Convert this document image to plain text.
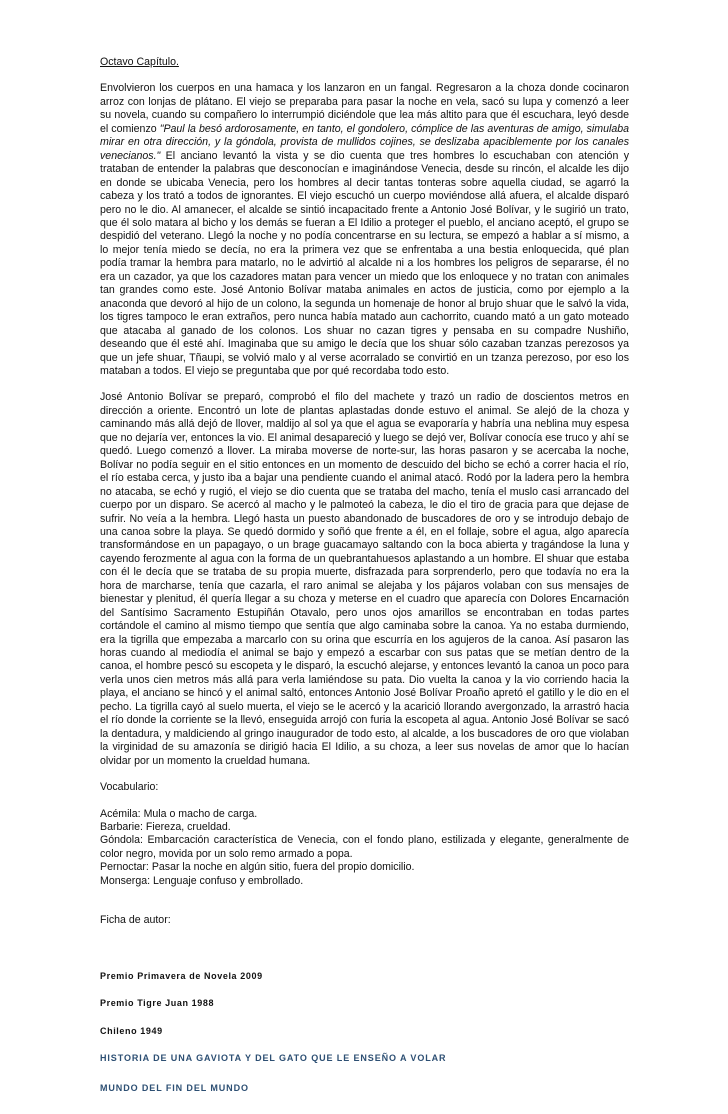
Octavo Capítulo.

Envolvieron los cuerpos en una hamaca y los lanzaron en un fangal. Regresaron a la choza donde cocinaron arroz con lonjas de plátano. El viejo se preparaba para pasar la noche en vela, sacó su lupa y comenzó a leer su novela, cuando su compañero lo interrumpió diciéndole que lea más altito para que él escuchara, leyó desde el comienzo "Paul la besó ardorosamente, en tanto, el gondolero, cómplice de las aventuras de amigo, simulaba mirar en otra dirección, y la góndola, provista de mullidos cojines, se deslizaba apaciblemente por los canales venecianos." El anciano levantó la vista y se dio cuenta que tres hombres lo escuchaban con atención y trataban de entender la palabras que desconocían e imaginándose Venecia, desde su rincón, el alcalde les dijo en donde se ubicaba Venecia, pero los hombres al decir tantas tonteras sobre aquella ciudad, se agarró la cabeza y los trató a todos de ignorantes. El viejo escuchó un cuerpo moviéndose allá afuera, el alcalde disparó pero no le dio. Al amanecer, el alcalde se sintió incapacitado frente a Antonio José Bolívar, y le sugirió un trato, que él solo matara al bicho y los demás se fueran a El Idilio a proteger el pueblo, el anciano aceptó, el grupo se despidió del veterano. Llegó la noche y no podía concentrarse en su lectura, se empezó a hablar a sí mismo, a lo mejor tenía miedo se decía, no era la primera vez que se enfrentaba a una bestia enloquecida, qué plan podía tramar la hembra para matarlo, no le advirtió al alcalde ni a los hombres los peligros de separarse, él no era un cazador, ya que los cazadores matan para vencer un miedo que los enloquece y no tratan con animales tan grandes como este. José Antonio Bolívar mataba animales en actos de justicia, como por ejemplo a la anaconda que devoró al hijo de un colono, la segunda un homenaje de honor al brujo shuar que le salvó la vida, los tigres tampoco le eran extraños, pero nunca había matado aun cachorrito, cuando mató a un gato moteado que atacaba al ganado de los colonos. Los shuar no cazan tigres y pensaba en su compadre Nushiño, deseando que él esté ahí. Imaginaba que su amigo le decía que los shuar sólo cazaban tzanzas perezosos ya que un jefe shuar, Tñaupi, se volvió malo y al verse acorralado se convirtió en un tzanza perezoso, por eso los mataban a todos. El viejo se preguntaba que por qué recordaba todo esto.

José Antonio Bolívar se preparó, comprobó el filo del machete y trazó un radio de doscientos metros en dirección a oriente. Encontró un lote de plantas aplastadas donde estuvo el animal. Se alejó de la choza y caminando más allá dejó de llover, maldijo al sol ya que el agua se evaporaría y habría una neblina muy espesa que no dejaría ver, entonces la vio. El animal desapareció y luego se dejó ver, Bolívar conocía ese truco y ahí se quedó. Luego comenzó a llover. La miraba moverse de norte-sur, las horas pasaron y se acercaba la noche, Bolívar no podía seguir en el sitio entonces en un momento de descuido del bicho se echó a correr hacia el río, el río estaba cerca, y justo iba a bajar una pendiente cuando el animal atacó. Rodó por la ladera pero la hembra no atacaba, se echó y rugió, el viejo se dio cuenta que se trataba del macho, tenía el muslo casi arrancado del cuerpo por un disparo. Se acercó al macho y le palmoteó la cabeza, le dio el tiro de gracia para que dejase de sufrir. No veía a la hembra. Llegó hasta un puesto abandonado de buscadores de oro y se introdujo debajo de una canoa sobre la playa. Se quedó dormido y soñó que frente a él, en el follaje, sobre el agua, algo aparecía transformándose en un papagayo, o un brage guacamayo saltando con la boca abierta y tragándose la luna y cayendo ferozmente al agua con la forma de un quebrantahuesos aplastando a un hombre. El shuar que estaba con él le decía que se trataba de su propia muerte, disfrazada para sorprenderlo, pero que todavía no era la hora de marcharse, tenía que cazarla, el raro animal se alejaba y los pájaros volaban con sus mensajes de bienestar y plenitud, él quería llegar a su choza y meterse en el cuadro que aparecía con Dolores Encarnación del Santísimo Sacramento Estupiñán Otavalo, pero unos ojos amarillos se encontraban en todas partes cortándole el camino al mismo tiempo que sentía que algo caminaba sobre la canoa. Ya no estaba durmiendo, era la tigrilla que empezaba a marcarlo con su orina que escurría en los agujeros de la canoa. Así pasaron las horas cuando al mediodía el animal se bajo y empezó a escarbar con sus patas que se metían dentro de la canoa, el hombre pescó su escopeta y le disparó, la escuchó alejarse, y entonces levantó la canoa un poco para verla unos cien metros más allá para verla lamiéndose su pata. Dio vuelta la canoa y la vio corriendo hacia la playa, el anciano se hincó y el animal saltó, entonces Antonio José Bolívar Proaño apretó el gatillo y le dio en el pecho. La tigrilla cayó al suelo muerta, el viejo se le acercó y la acarició llorando avergonzado, la arrastró hacia el río donde la corriente se la llevó, enseguida arrojó con furia la escopeta al agua. Antonio José Bolívar se sacó la dentadura, y maldiciendo al gringo inaugurador de todo esto, al alcalde, a los buscadores de oro que violaban la virginidad de su amazonía se dirigió hacia El Idilio, a su choza, a leer sus novelas de amor que lo hacían olvidar por un momento la crueldad humana.

Vocabulario:
Acémila: Mula o macho de carga.
Barbarie: Fiereza, crueldad.
Góndola: Embarcación característica de Venecia, con el fondo plano, estilizada y elegante, generalmente de color negro, movida por un solo remo armado a popa.
Pernoctar: Pasar la noche en algún sitio, fuera del propio domicilio.
Monserga: Lenguaje confuso y embrollado.
Ficha de autor:
Premio Primavera de Novela 2009
Premio Tigre Juan 1988
Chileno 1949
HISTORIA DE UNA GAVIOTA Y DEL GATO QUE LE ENSEÑO A VOLAR
MUNDO DEL FIN DEL MUNDO
